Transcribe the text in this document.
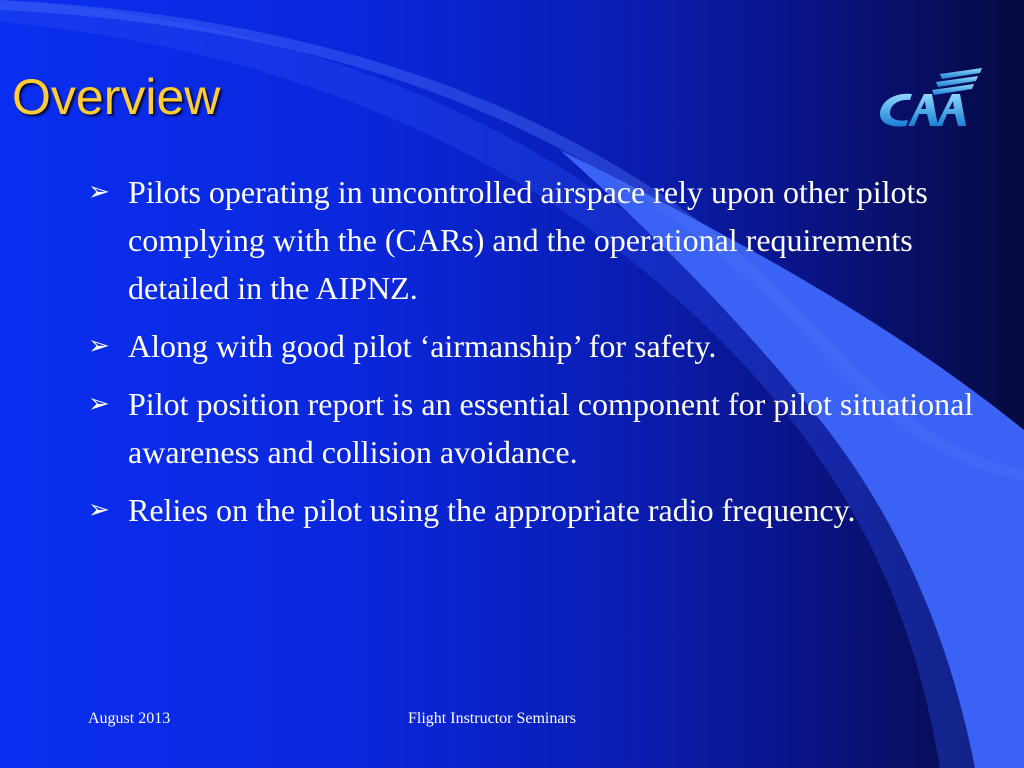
Overview
➢ Pilots operating in uncontrolled airspace rely upon other pilots complying with the (CARs) and the operational requirements detailed in the AIPNZ.
➢ Along with good pilot ‘airmanship’ for safety.
➢ Pilot position report is an essential component for pilot situational awareness and collision avoidance.
➢ Relies on the pilot using the appropriate radio frequency.

August 2013	Flight Instructor Seminars
